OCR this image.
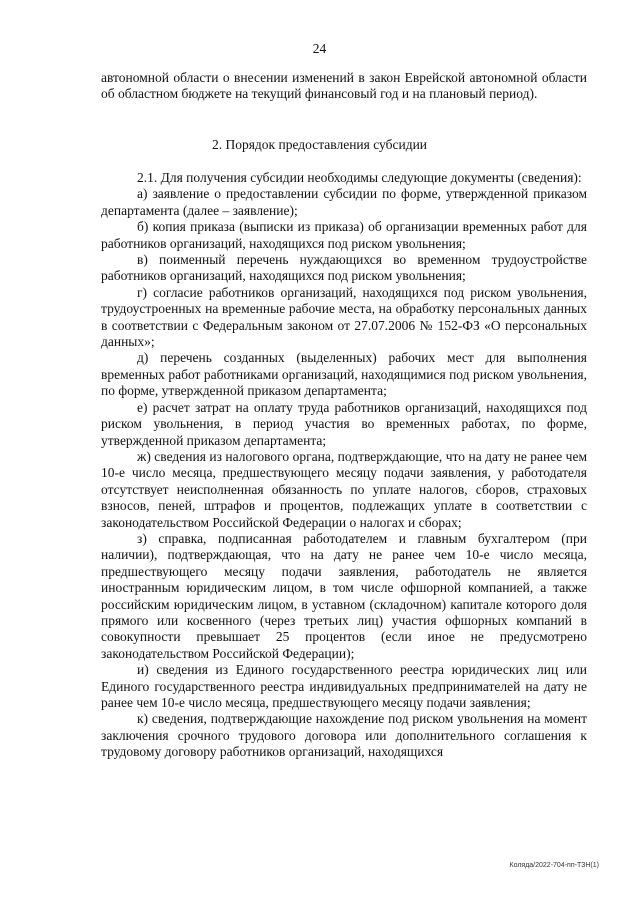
24

автономной области о внесении изменений в закон Еврейской автономной области об областном бюджете на текущий финансовый год и на плановый период).

2. Порядок предоставления субсидии

2.1. Для получения субсидии необходимы следующие документы (сведения):

а) заявление о предоставлении субсидии по форме, утвержденной приказом департамента (далее – заявление);

б) копия приказа (выписки из приказа) об организации временных работ для работников организаций, находящихся под риском увольнения;

в) поименный перечень нуждающихся во временном трудоустройстве работников организаций, находящихся под риском увольнения;

г) согласие работников организаций, находящихся под риском увольнения, трудоустроенных на временные рабочие места, на обработку персональных данных в соответствии с Федеральным законом от 27.07.2006 № 152-ФЗ «О персональных данных»;

д) перечень созданных (выделенных) рабочих мест для выполнения временных работ работниками организаций, находящимися под риском увольнения, по форме, утвержденной приказом департамента;

е) расчет затрат на оплату труда работников организаций, находящихся под риском увольнения, в период участия во временных работах, по форме, утвержденной приказом департамента;

ж) сведения из налогового органа, подтверждающие, что на дату не ранее чем 10-е число месяца, предшествующего месяцу подачи заявления, у работодателя отсутствует неисполненная обязанность по уплате налогов, сборов, страховых взносов, пеней, штрафов и процентов, подлежащих уплате в соответствии с законодательством Российской Федерации о налогах и сборах;

з) справка, подписанная работодателем и главным бухгалтером (при наличии), подтверждающая, что на дату не ранее чем 10-е число месяца, предшествующего месяцу подачи заявления, работодатель не является иностранным юридическим лицом, в том числе офшорной компанией, а также российским юридическим лицом, в уставном (складочном) капитале которого доля прямого или косвенного (через третьих лиц) участия офшорных компаний в совокупности превышает 25 процентов (если иное не предусмотрено законодательством Российской Федерации);

и) сведения из Единого государственного реестра юридических лиц или Единого государственного реестра индивидуальных предпринимателей на дату не ранее чем 10-е число месяца, предшествующего месяцу подачи заявления;

к) сведения, подтверждающие нахождение под риском увольнения на момент заключения срочного трудового договора или дополнительного соглашения к трудовому договору работников организаций, находящихся

Коляда/2022-704-пп-ТЗН(1)
